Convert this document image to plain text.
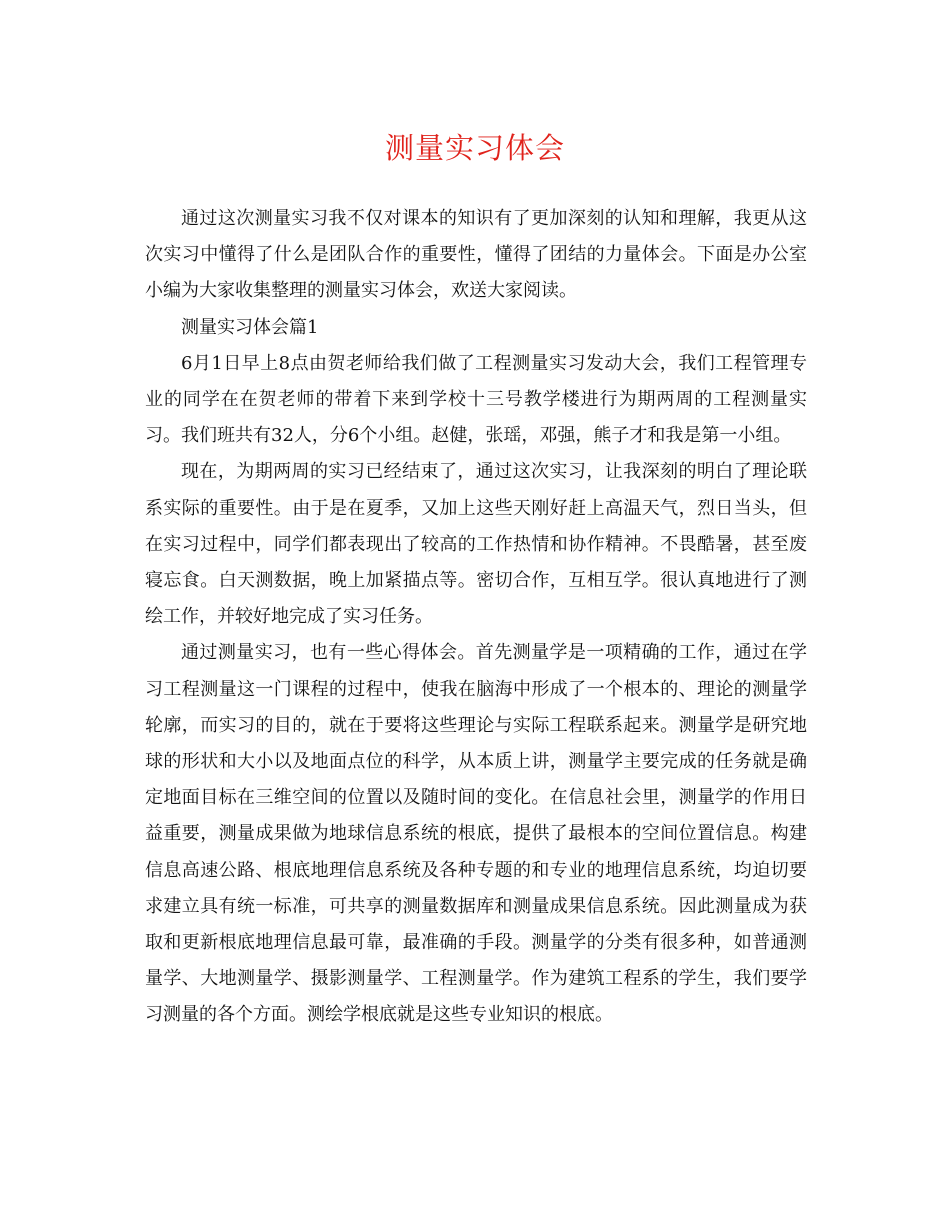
测量实习体会

通过这次测量实习我不仅对课本的知识有了更加深刻的认知和理解，我更从这次实习中懂得了什么是团队合作的重要性，懂得了团结的力量体会。下面是办公室小编为大家收集整理的测量实习体会，欢送大家阅读。

测量实习体会篇1

6月1日早上8点由贺老师给我们做了工程测量实习发动大会，我们工程管理专业的同学在在贺老师的带着下来到学校十三号教学楼进行为期两周的工程测量实习。我们班共有32人，分6个小组。赵健，张瑶，邓强，熊子才和我是第一小组。

现在，为期两周的实习已经结束了，通过这次实习，让我深刻的明白了理论联系实际的重要性。由于是在夏季，又加上这些天刚好赶上高温天气，烈日当头，但在实习过程中，同学们都表现出了较高的工作热情和协作精神。不畏酷暑，甚至废寝忘食。白天测数据，晚上加紧描点等。密切合作，互相互学。很认真地进行了测绘工作，并较好地完成了实习任务。

通过测量实习，也有一些心得体会。首先测量学是一项精确的工作，通过在学习工程测量这一门课程的过程中，使我在脑海中形成了一个根本的、理论的测量学轮廓，而实习的目的，就在于要将这些理论与实际工程联系起来。测量学是研究地球的形状和大小以及地面点位的科学，从本质上讲，测量学主要完成的任务就是确定地面目标在三维空间的位置以及随时间的变化。在信息社会里，测量学的作用日益重要，测量成果做为地球信息系统的根底，提供了最根本的空间位置信息。构建信息高速公路、根底地理信息系统及各种专题的和专业的地理信息系统，均迫切要求建立具有统一标准，可共享的测量数据库和测量成果信息系统。因此测量成为获取和更新根底地理信息最可靠，最准确的手段。测量学的分类有很多种，如普通测量学、大地测量学、摄影测量学、工程测量学。作为建筑工程系的学生，我们要学习测量的各个方面。测绘学根底就是这些专业知识的根底。
